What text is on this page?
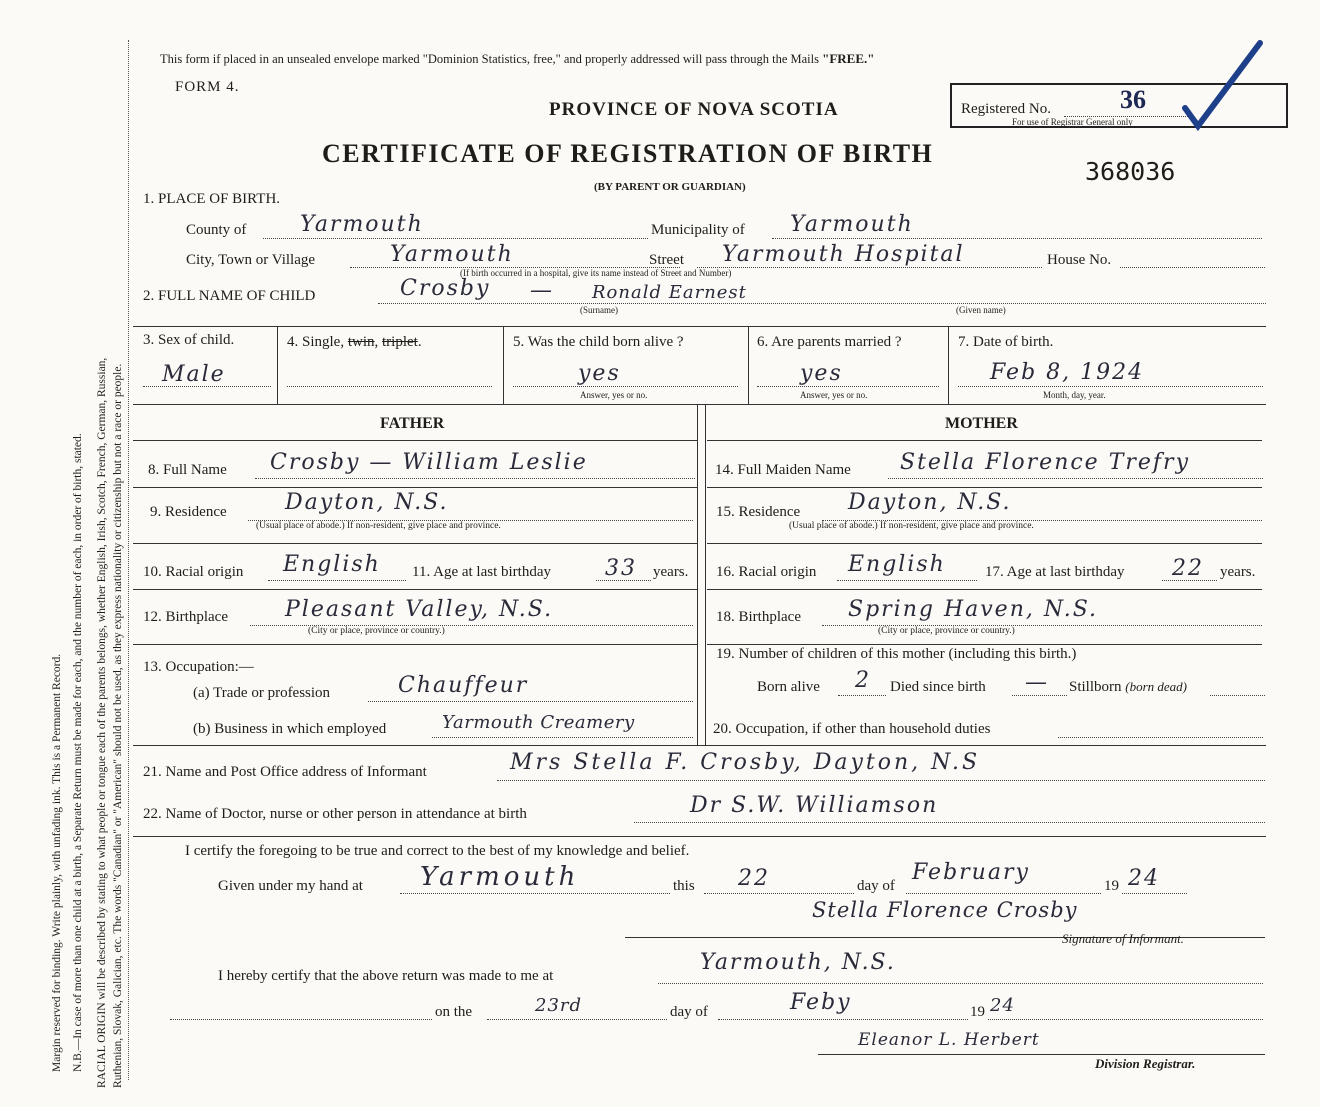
Margin reserved for binding. Write plainly, with unfading ink. This is a Permanent Record. N.B.—In case of more than one child at a birth, a Separate Return must be made for each, and the number of each, in order of birth, stated. RACIAL ORIGIN will be described by stating to what people or tongue each of the parents belongs, whether English, Irish, Scotch, French, German, Russian, Ruthenian, Slovak, Galician, etc. The words "Canadian" or "American" should not be used, as they express nationality or citizenship but not a race or people.
This form if placed in an unsealed envelope marked "Dominion Statistics, free," and properly addressed will pass through the Mails "FREE."
FORM 4.
PROVINCE OF NOVA SCOTIA
CERTIFICATE OF REGISTRATION OF BIRTH
(BY PARENT OR GUARDIAN)
368036
Registered No.	36
For use of Registrar General only
1. PLACE OF BIRTH.
County of Yarmouth	Municipality of Yarmouth
City, Town or Village	Yarmouth	Street Yarmouth Hospital	House No.
(If birth occurred in a hospital, give its name instead of Street and Number)
2. FULL NAME OF CHILD	Crosby — Ronald Earnest
(Surname)	(Given name)
3. Sex of child.
Male
4. Single, twin, triplet.	5. Was the child born alive ?
yes
Answer, yes or no.
6. Are parents married ?
yes
Answer, yes or no.
7. Date of birth.
Feb 8, 1924
Month, day, year.
FATHER	MOTHER
8. Full Name Crosby — William Leslie	14. Full Maiden Name Stella Florence Trefry
9. Residence	Dayton, N.S.
(Usual place of abode.) If non-resident, give place and province.
15. Residence Dayton, N.S.
(Usual place of abode.) If non-resident, give place and province.
10. Racial origin English 11. Age at last birthday 33 years. 16. Racial origin English	17. Age at last birthday 22 years.
12. Birthplace	Pleasant Valley, N.S.
(City or place, province or country.)
18. Birthplace Spring Haven, N.S.
(City or place, province or country.)
13. Occupation:—
(a) Trade or profession	Chauffeur
(b) Business in which employed	Yarmouth Creamery
19. Number of children of this mother (including this birth.)
Born alive 2 Died since birth — Stillborn (born dead)
20. Occupation, if other than household duties
21. Name and Post Office address of Informant	Mrs Stella F. Crosby, Dayton, N.S
22. Name of Doctor, nurse or other person in attendance at birth	Dr S.W. Williamson
I certify the foregoing to be true and correct to the best of my knowledge and belief.
Given under my hand at Yarmouth	this 22	day of
February
19 24
Stella Florence Crosby
Signature of Informant.
I hereby certify that the above return was made to me at
Yarmouth, N.S.
on the	23rd	day of	Feby	19 24
Eleanor L. Herbert
Division Registrar.
